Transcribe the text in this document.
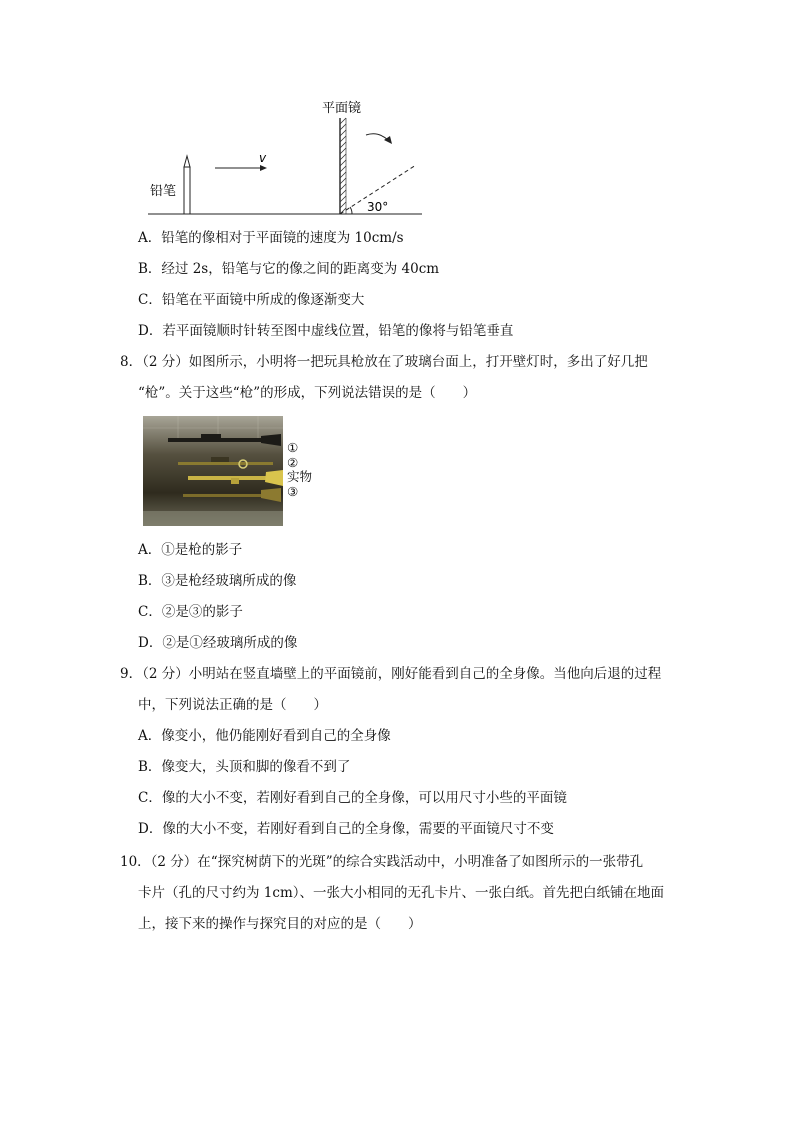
铅笔
v
平面镜
30°
A．铅笔的像相对于平面镜的速度为 10cm/s
B．经过 2s，铅笔与它的像之间的距离变为 40cm
C．铅笔在平面镜中所成的像逐渐变大
D．若平面镜顺时针转至图中虚线位置，铅笔的像将与铅笔垂直
8．（2 分）如图所示，小明将一把玩具枪放在了玻璃台面上，打开壁灯时，多出了好几把
“枪”。关于这些“枪”的形成，下列说法错误的是（　　）
①
②
实物
③
A．①是枪的影子
B．③是枪经玻璃所成的像
C．②是③的影子
D．②是①经玻璃所成的像
9．（2 分）小明站在竖直墙壁上的平面镜前，刚好能看到自己的全身像。当他向后退的过程
中，下列说法正确的是（　　）
A．像变小，他仍能刚好看到自己的全身像
B．像变大，头顶和脚的像看不到了
C．像的大小不变，若刚好看到自己的全身像，可以用尺寸小些的平面镜
D．像的大小不变，若刚好看到自己的全身像，需要的平面镜尺寸不变
10．（2 分）在“探究树荫下的光斑”的综合实践活动中，小明准备了如图所示的一张带孔
卡片（孔的尺寸约为 1cm）、一张大小相同的无孔卡片、一张白纸。首先把白纸铺在地面
上，接下来的操作与探究目的对应的是（　　）
